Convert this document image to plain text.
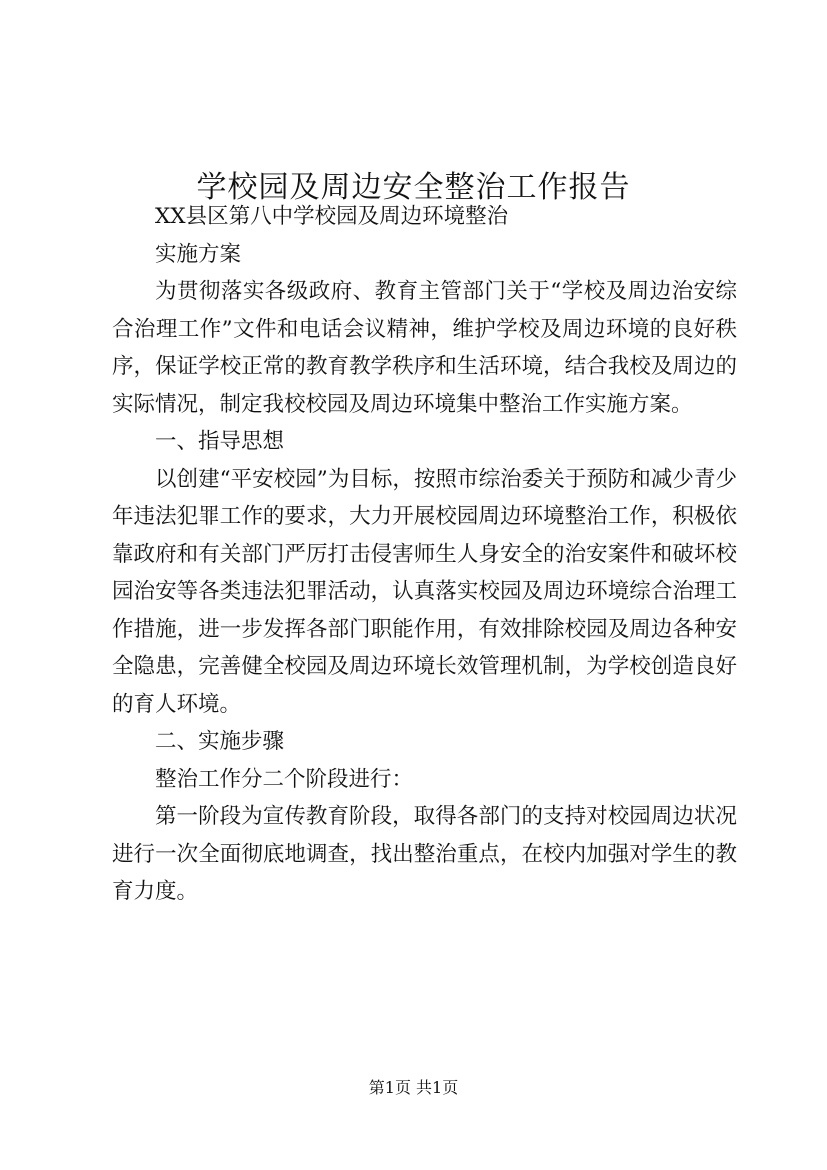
学校园及周边安全整治工作报告

XX县区第八中学校园及周边环境整治

实施方案

为贯彻落实各级政府、教育主管部门关于“学校及周边治安综合治理工作”文件和电话会议精神，维护学校及周边环境的良好秩序，保证学校正常的教育教学秩序和生活环境，结合我校及周边的实际情况，制定我校校园及周边环境集中整治工作实施方案。

一、指导思想

以创建“平安校园”为目标，按照市综治委关于预防和减少青少年违法犯罪工作的要求，大力开展校园周边环境整治工作，积极依靠政府和有关部门严厉打击侵害师生人身安全的治安案件和破坏校园治安等各类违法犯罪活动，认真落实校园及周边环境综合治理工作措施，进一步发挥各部门职能作用，有效排除校园及周边各种安全隐患，完善健全校园及周边环境长效管理机制，为学校创造良好的育人环境。

二、实施步骤

整治工作分二个阶段进行：

第一阶段为宣传教育阶段，取得各部门的支持对校园周边状况进行一次全面彻底地调查，找出整治重点，在校内加强对学生的教育力度。

第1页 共1页
